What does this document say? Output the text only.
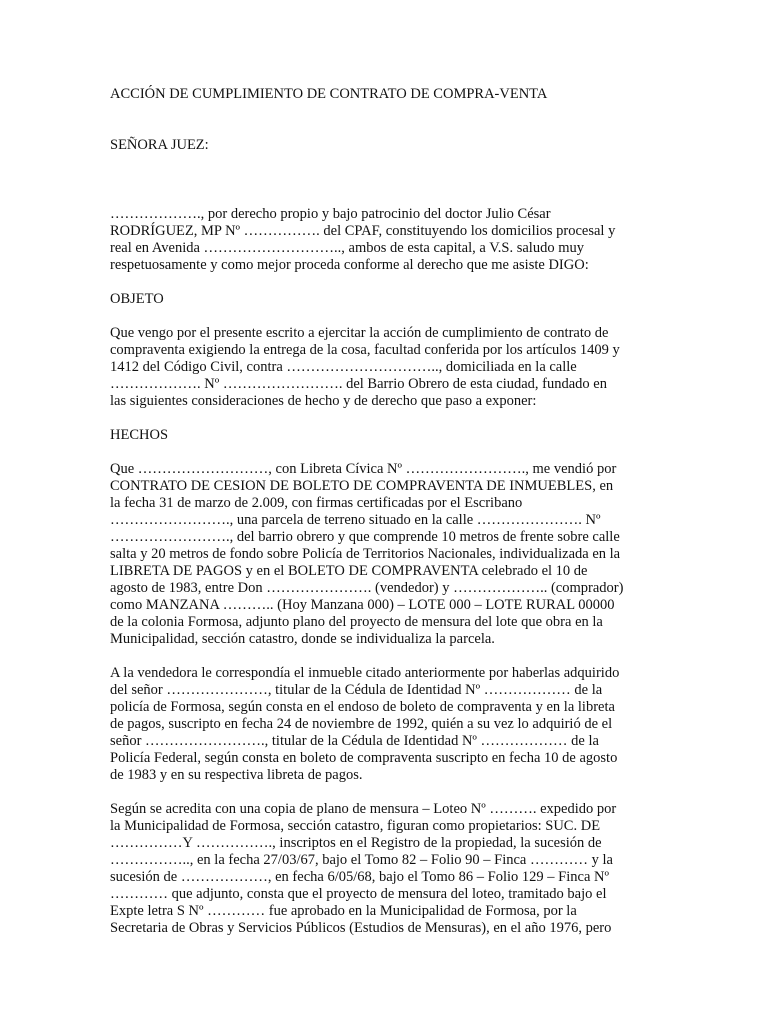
ACCIÓN DE CUMPLIMIENTO DE CONTRATO DE COMPRA-VENTA

SEÑORA JUEZ:

………………., por derecho propio y bajo patrocinio del doctor Julio César
RODRÍGUEZ, MP Nº ……………. del CPAF, constituyendo los domicilios procesal y
real en Avenida ……………………….., ambos de esta capital, a V.S. saludo muy
respetuosamente y como mejor proceda conforme al derecho que me asiste DIGO:

OBJETO

Que vengo por el presente escrito a ejercitar la acción de cumplimiento de contrato de
compraventa exigiendo la entrega de la cosa, facultad conferida por los artículos 1409 y
1412 del Código Civil, contra ………………………….., domiciliada en la calle
………………. Nº ……………………. del Barrio Obrero de esta ciudad, fundado en
las siguientes consideraciones de hecho y de derecho que paso a exponer:

HECHOS

Que ………………………, con Libreta Cívica Nº ……………………., me vendió por
CONTRATO DE CESION DE BOLETO DE COMPRAVENTA DE INMUEBLES, en
la fecha 31 de marzo de 2.009, con firmas certificadas por el Escribano
……………………., una parcela de terreno situado en la calle …………………. Nº
……………………., del barrio obrero y que comprende 10 metros de frente sobre calle
salta y 20 metros de fondo sobre Policía de Territorios Nacionales, individualizada en la
LIBRETA DE PAGOS y en el BOLETO DE COMPRAVENTA celebrado el 10 de
agosto de 1983, entre Don …………………. (vendedor) y ……………….. (comprador)
como MANZANA ……….. (Hoy Manzana 000) – LOTE 000 – LOTE RURAL 00000
de la colonia Formosa, adjunto plano del proyecto de mensura del lote que obra en la
Municipalidad, sección catastro, donde se individualiza la parcela.

A la vendedora le correspondía el inmueble citado anteriormente por haberlas adquirido
del señor …………………, titular de la Cédula de Identidad Nº ……………… de la
policía de Formosa, según consta en el endoso de boleto de compraventa y en la libreta
de pagos, suscripto en fecha 24 de noviembre de 1992, quién a su vez lo adquirió de el
señor ……………………., titular de la Cédula de Identidad Nº ……………… de la
Policía Federal, según consta en boleto de compraventa suscripto en fecha 10 de agosto
de 1983 y en su respectiva libreta de pagos.

Según se acredita con una copia de plano de mensura – Loteo Nº ………. expedido por
la Municipalidad de Formosa, sección catastro, figuran como propietarios: SUC. DE
……………Y ……………., inscriptos en el Registro de la propiedad, la sucesión de
…………….., en la fecha 27/03/67, bajo el Tomo 82 – Folio 90 – Finca ………… y la
sucesión de ………………, en fecha 6/05/68, bajo el Tomo 86 – Folio 129 – Finca Nº
………… que adjunto, consta que el proyecto de mensura del loteo, tramitado bajo el
Expte letra S Nº ………… fue aprobado en la Municipalidad de Formosa, por la
Secretaria de Obras y Servicios Públicos (Estudios de Mensuras), en el año 1976, pero
